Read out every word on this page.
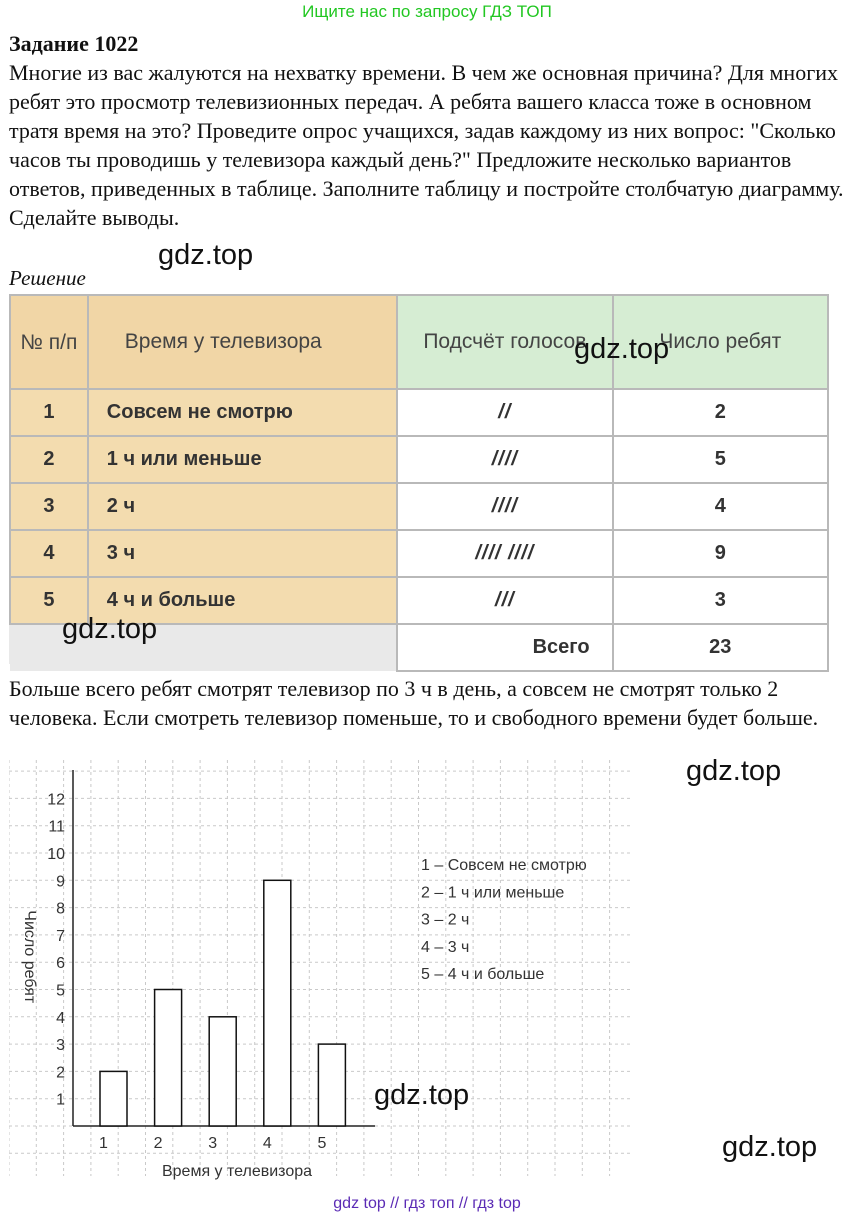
Ищите нас по запросу ГДЗ ТОП
Задание 1022
Многие из вас жалуются на нехватку времени. В чем же основная причина? Для многих ребят это просмотр телевизионных передач. А ребята вашего класса тоже в основном тратя время на это? Проведите опрос учащихся, задав каждому из них вопрос: "Сколько часов ты проводишь у телевизора каждый день?" Предложите несколько вариантов ответов, приведенных в таблице. Заполните таблицу и постройте столбчатую диаграмму. Сделайте выводы.
Решение
gdz.top
№ п/п	Время у телевизора	Подсчёт голосов	Число ребят
1	Совсем не смотрю	//	2
2	1 ч или меньше	////	5
3	2 ч	////	4
4	3 ч	//// ////	9
5	4 ч и больше	///	3
		Всего	23
gdz.top
gdz.top
Больше всего ребят смотрят телевизор по 3 ч в день, а совсем не смотрят только 2 человека. Если смотреть телевизор поменьше, то и свободного времени будет больше.
1
2
3
4
5
6
7
8
9
10
11
12
Число ребят
1	2	3	4	5
Время у телевизора
1 – Совсем не смотрю
2 – 1 ч или меньше
3 – 2 ч
4 – 3 ч
5 – 4 ч и больше
gdz.top
gdz.top
gdz.top
gdz top // гдз топ // гдз top
